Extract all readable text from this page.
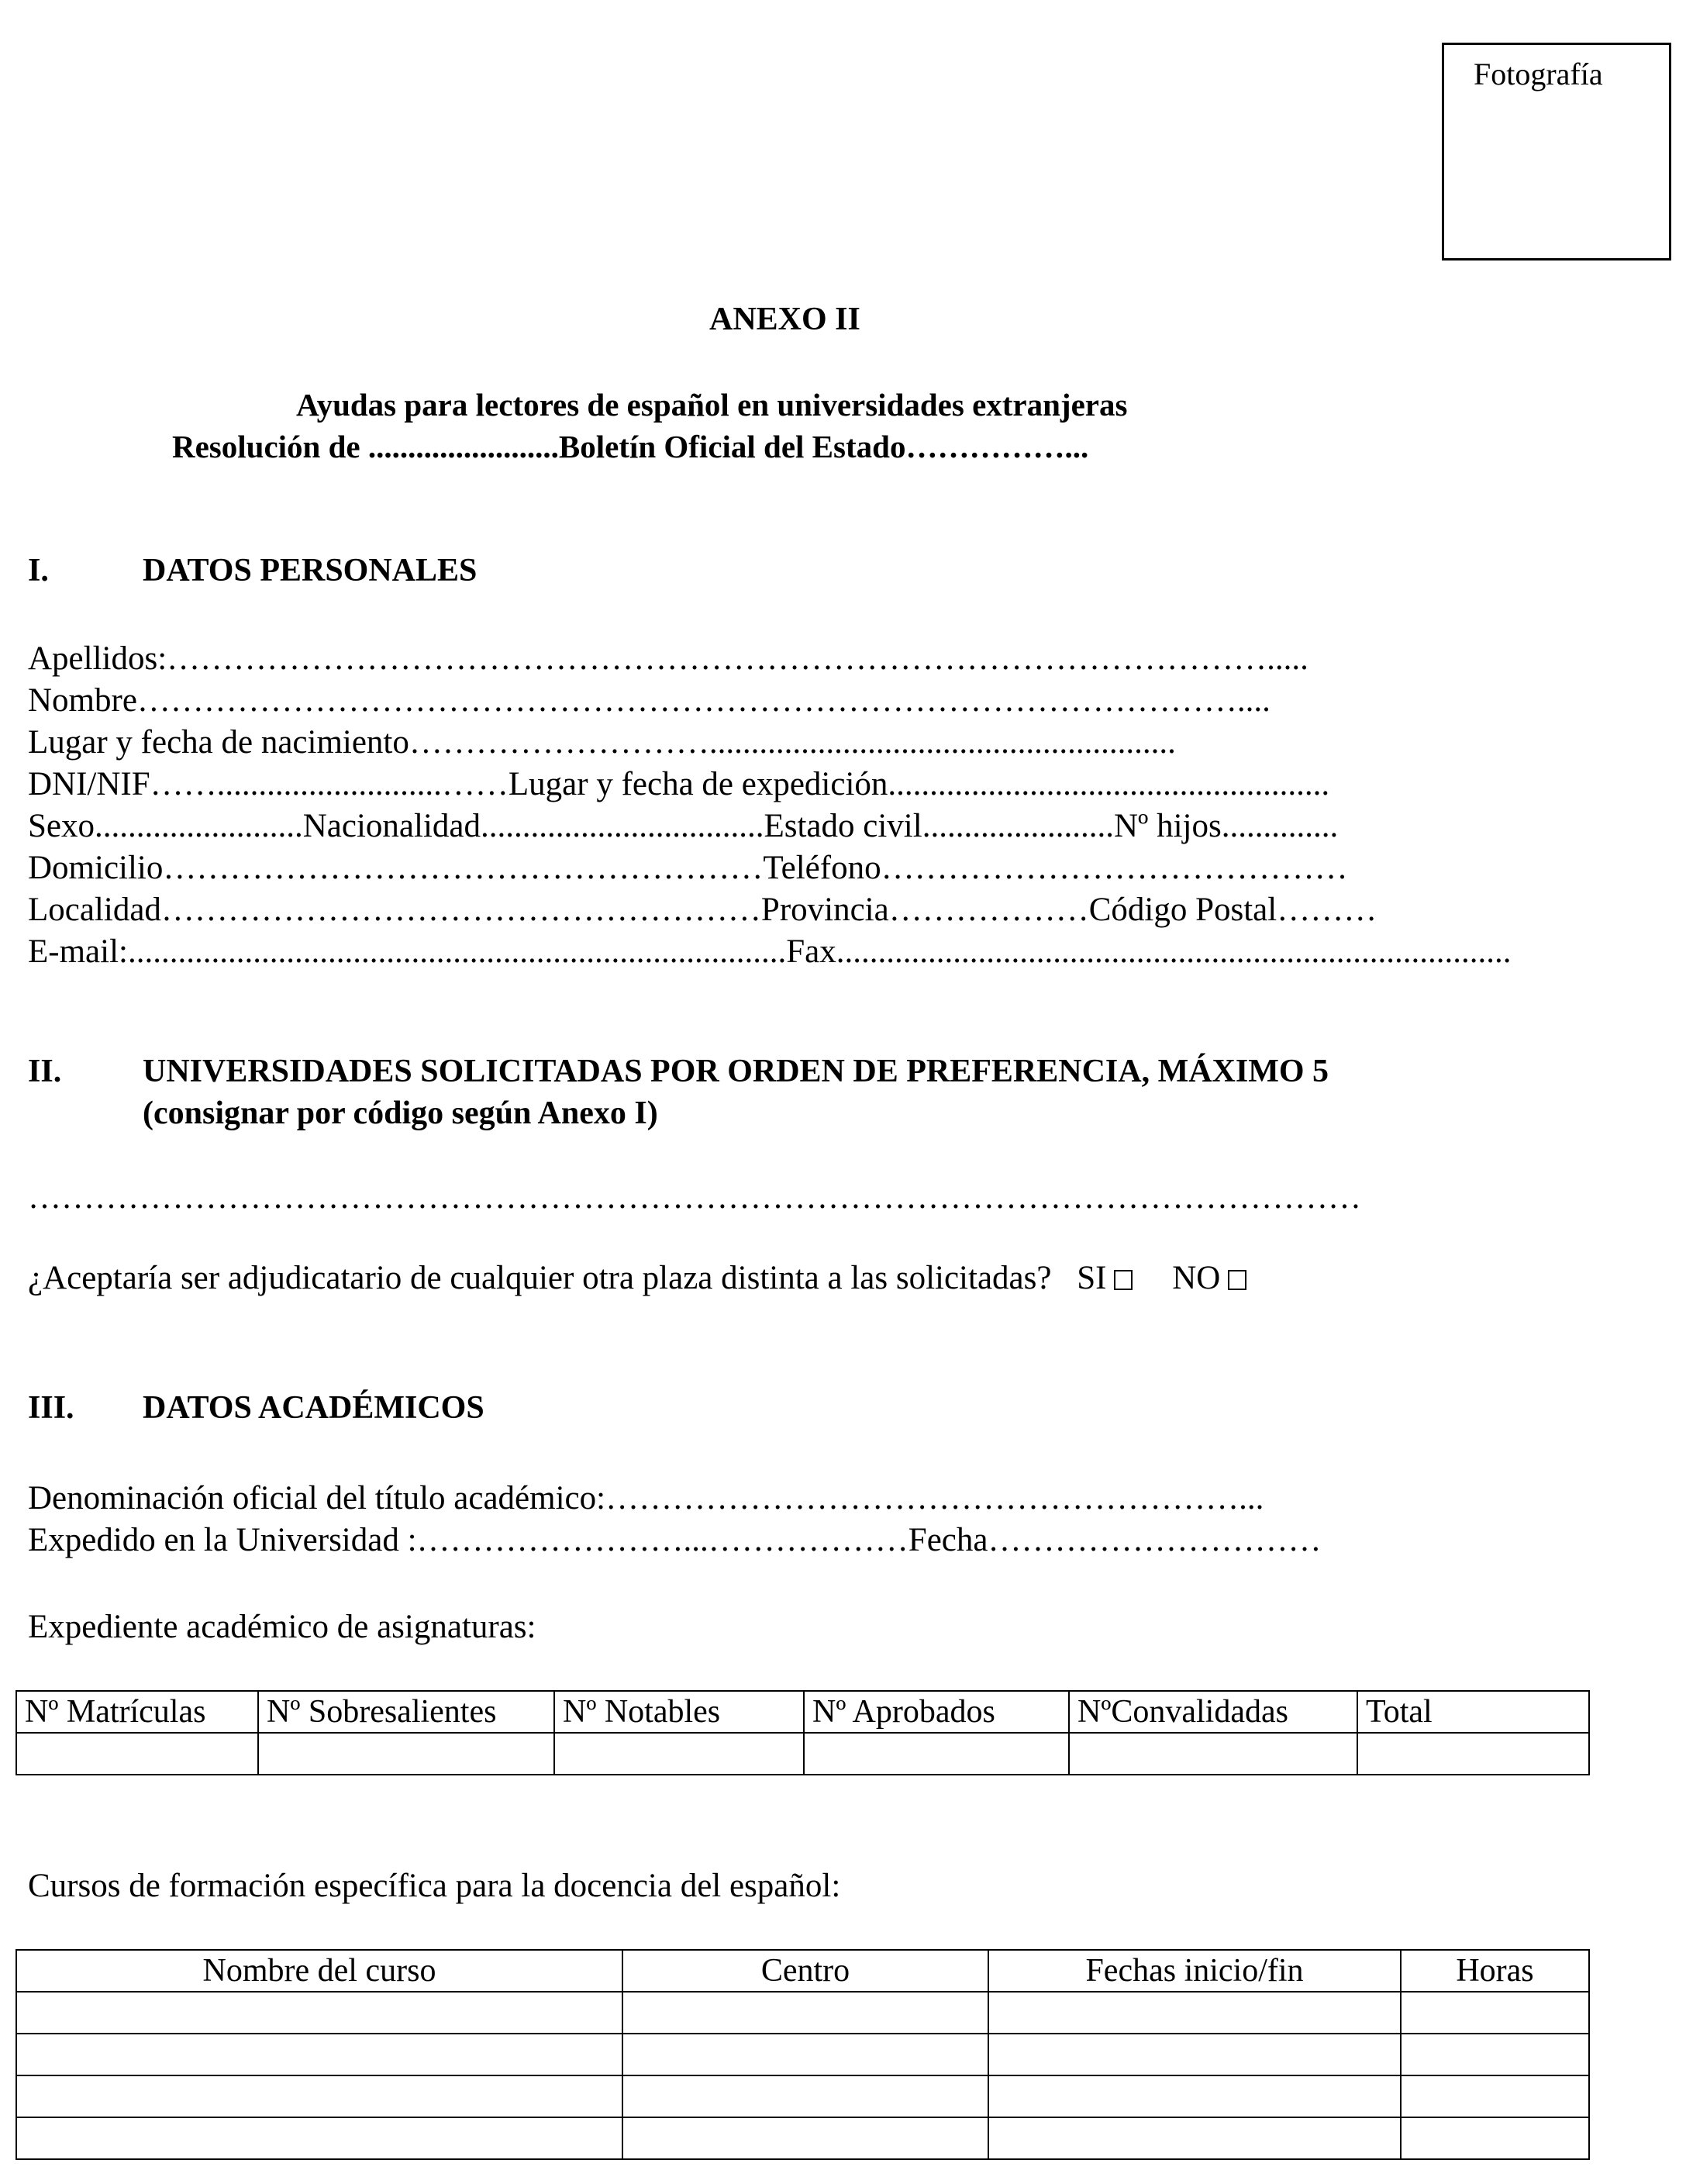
Fotografía
ANEXO II
Ayudas para lectores de español en universidades extranjeras
Resolución de ........................Boletín Oficial del Estado……………...
I.	DATOS PERSONALES
Apellidos:……………………………………………………………………………………….....
Nombre………………………………………………………………………………………....
Lugar y fecha de nacimiento………………………........................................................
DNI/NIF……...........................……Lugar y fecha de expedición.....................................................
Sexo.........................Nacionalidad..................................Estado civil.......................Nº hijos..............
Domicilio………………………………………………Teléfono……………………………………
Localidad………………………………………………Provincia………………Código Postal………
E-mail:...............................................................................Fax.................................................................................
II. UNIVERSIDADES SOLICITADAS POR ORDEN DE PREFERENCIA, MÁXIMO 5
(consignar por código según Anexo I)
…………………………………………………………………………………………………………
¿Aceptaría ser adjudicatario de cualquier otra plaza distinta a las solicitadas? SI NO
III. DATOS ACADÉMICOS
Denominación oficial del título académico:…………………………………………………...
Expedido en la Universidad :……………………...………………Fecha…………………………
Expediente académico de asignaturas:
Nº Matrículas	Nº Sobresalientes	Nº Notables	Nº Aprobados	NºConvalidadas	Total

Cursos de formación específica para la docencia del español:
Nombre del curso	Centro	Fechas inicio/fin	Horas
